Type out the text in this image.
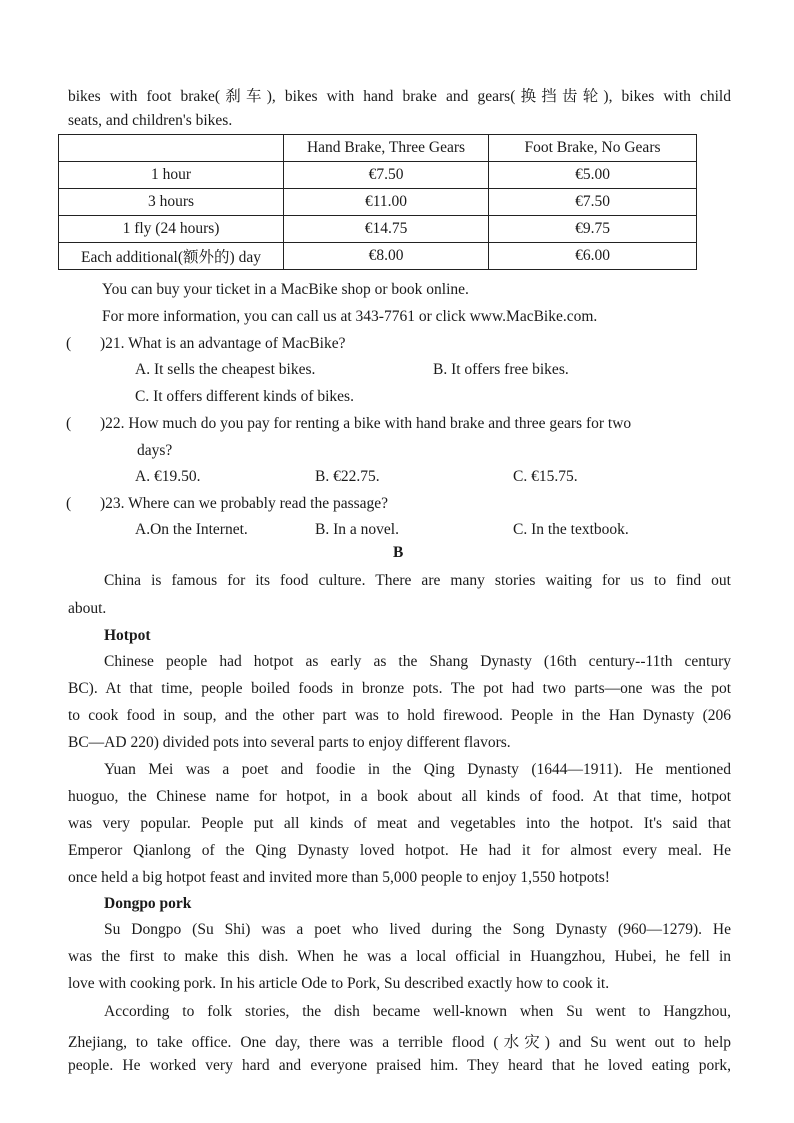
bikes with foot brake(刹车), bikes with hand brake and gears(换挡齿轮), bikes with child
seats, and children's bikes.
	Hand Brake, Three Gears	Foot Brake, No Gears
1 hour	€7.50	€5.00
3 hours	€11.00	€7.50
1 fly (24 hours)	€14.75	€9.75
Each additional(额外的) day	€8.00	€6.00
You can buy your ticket in a MacBike shop or book online.
For more information, you can call us at 343-7761 or click www.MacBike.com.
( )21. What is an advantage of MacBike?
A. It sells the cheapest bikes.	B. It offers free bikes.
C. It offers different kinds of bikes.
( )22. How much do you pay for renting a bike with hand brake and three gears for two
days?
A. €19.50.	B. €22.75.	C. €15.75.
( )23. Where can we probably read the passage?
A.On the Internet.	B. In a novel.	C. In the textbook.
B
China is famous for its food culture. There are many stories waiting for us to find out
about.
Hotpot
Chinese people had hotpot as early as the Shang Dynasty (16th century--11th century
BC). At that time, people boiled foods in bronze pots. The pot had two parts—one was the pot
to cook food in soup, and the other part was to hold firewood. People in the Han Dynasty (206
BC—AD 220) divided pots into several parts to enjoy different flavors.
Yuan Mei was a poet and foodie in the Qing Dynasty (1644—1911). He mentioned
huoguo, the Chinese name for hotpot, in a book about all kinds of food. At that time, hotpot
was very popular. People put all kinds of meat and vegetables into the hotpot. It's said that
Emperor Qianlong of the Qing Dynasty loved hotpot. He had it for almost every meal. He
once held a big hotpot feast and invited more than 5,000 people to enjoy 1,550 hotpots!
Dongpo pork
Su Dongpo (Su Shi) was a poet who lived during the Song Dynasty (960—1279). He
was the first to make this dish. When he was a local official in Huangzhou, Hubei, he fell in
love with cooking pork. In his article Ode to Pork, Su described exactly how to cook it.
According to folk stories, the dish became well-known when Su went to Hangzhou,
Zhejiang, to take office. One day, there was a terrible flood (水灾) and Su went out to help
people. He worked very hard and everyone praised him. They heard that he loved eating pork,
